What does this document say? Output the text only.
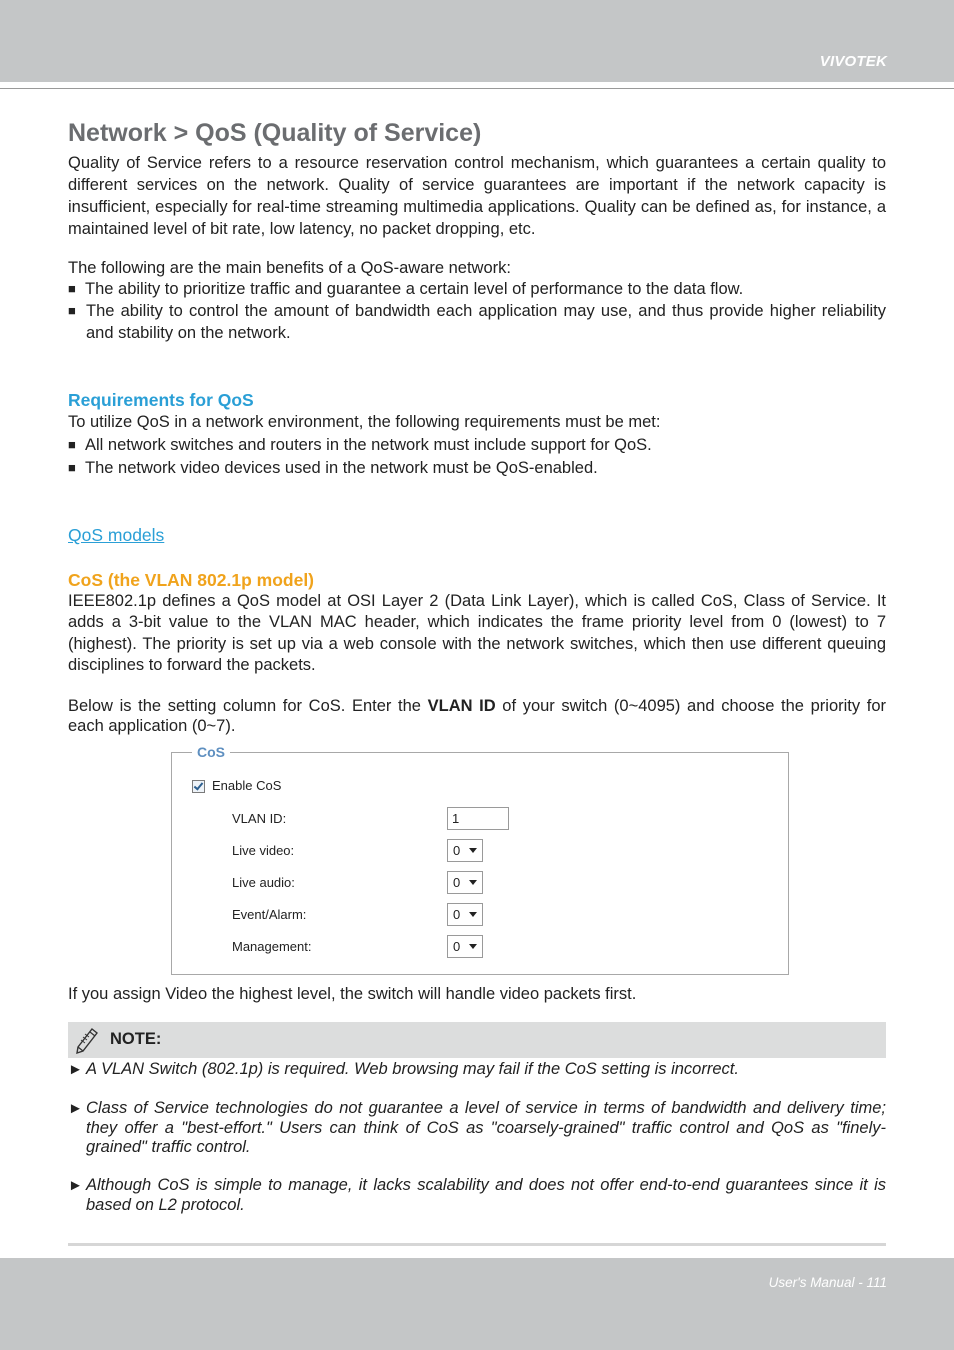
VIVOTEK
Network > QoS (Quality of Service)

Quality of Service refers to a resource reservation control mechanism, which guarantees a certain quality to different services on the network. Quality of service guarantees are important if the network capacity is insufficient, especially for real-time streaming multimedia applications. Quality can be defined as, for instance, a maintained level of bit rate, low latency, no packet dropping, etc.

The following are the main benefits of a QoS-aware network:

■ The ability to prioritize traffic and guarantee a certain level of performance to the data flow.
■ The ability to control the amount of bandwidth each application may use, and thus provide higher reliability and stability on the network.
Requirements for QoS

To utilize QoS in a network environment, the following requirements must be met:

■ All network switches and routers in the network must include support for QoS.
■ The network video devices used in the network must be QoS-enabled.
QoS models
CoS (the VLAN 802.1p model)

IEEE802.1p defines a QoS model at OSI Layer 2 (Data Link Layer), which is called CoS, Class of Service. It adds a 3-bit value to the VLAN MAC header, which indicates the frame priority level from 0 (lowest) to 7 (highest). The priority is set up via a web console with the network switches, which then use different queuing disciplines to forward the packets.

Below is the setting column for CoS. Enter the VLAN ID of your switch (0~4095) and choose the priority for each application (0~7).

CoS
Enable CoS
VLAN ID:	1
Live video:	0
Live audio:	0
Event/Alarm:	0
Management:	0

If you assign Video the highest level, the switch will handle video packets first.

NOTE:
► A VLAN Switch (802.1p) is required. Web browsing may fail if the CoS setting is incorrect.
► Class of Service technologies do not guarantee a level of service in terms of bandwidth and delivery time; they offer a "best-effort." Users can think of CoS as "coarsely-grained" traffic control and QoS as "finely-grained" traffic control.
► Although CoS is simple to manage, it lacks scalability and does not offer end-to-end guarantees since it is based on L2 protocol.
User's Manual - 111
